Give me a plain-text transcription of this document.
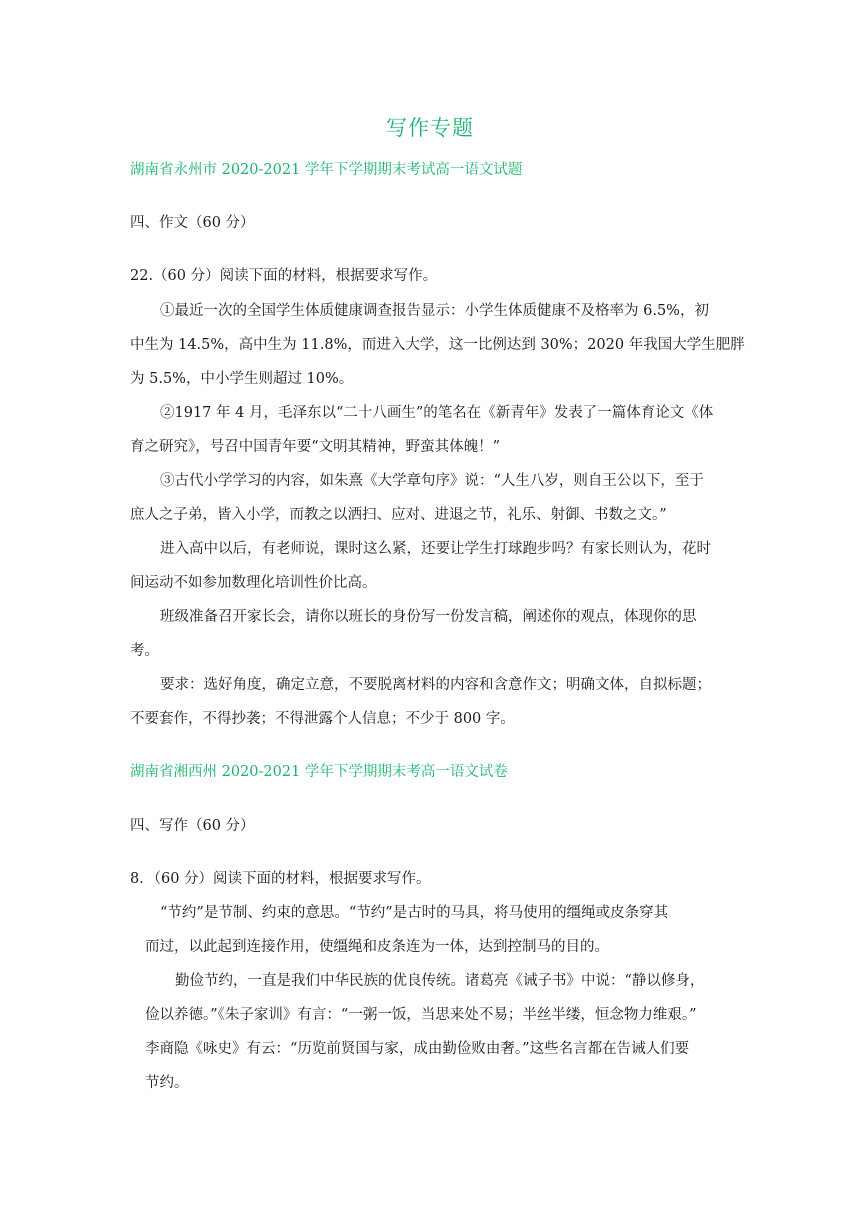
写作专题
湖南省永州市 2020-2021 学年下学期期末考试高一语文试题
四、作文（60 分）
22.（60 分）阅读下面的材料，根据要求写作。
①最近一次的全国学生体质健康调查报告显示：小学生体质健康不及格率为 6.5%，初
中生为 14.5%，高中生为 11.8%，而进入大学，这一比例达到 30%；2020 年我国大学生肥胖
为 5.5%，中小学生则超过 10%。
②1917 年 4 月，毛泽东以“二十八画生”的笔名在《新青年》发表了一篇体育论文《体
育之研究》，号召中国青年要“文明其精神，野蛮其体魄！”
③古代小学学习的内容，如朱熹《大学章句序》说：“人生八岁，则自王公以下，至于
庶人之子弟，皆入小学，而教之以洒扫、应对、进退之节，礼乐、射御、书数之文。”
进入高中以后，有老师说，课时这么紧，还要让学生打球跑步吗？有家长则认为，花时
间运动不如参加数理化培训性价比高。
班级准备召开家长会，请你以班长的身份写一份发言稿，阐述你的观点，体现你的思
考。
要求：选好角度，确定立意，不要脱离材料的内容和含意作文；明确文体，自拟标题；
不要套作，不得抄袭；不得泄露个人信息；不少于 800 字。
湖南省湘西州 2020-2021 学年下学期期末考高一语文试卷
四、写作（60 分）
8．（60 分）阅读下面的材料，根据要求写作。
“节约”是节制、约束的意思。“节约”是古时的马具，将马使用的缰绳或皮条穿其
而过，以此起到连接作用，使缰绳和皮条连为一体，达到控制马的目的。
勤俭节约，一直是我们中华民族的优良传统。诸葛亮《诫子书》中说：“静以修身，
俭以养德。”《朱子家训》有言：“一粥一饭，当思来处不易；半丝半缕，恒念物力维艰。”
李商隐《咏史》有云：“历览前贤国与家，成由勤俭败由奢。”这些名言都在告诫人们要
节约。
